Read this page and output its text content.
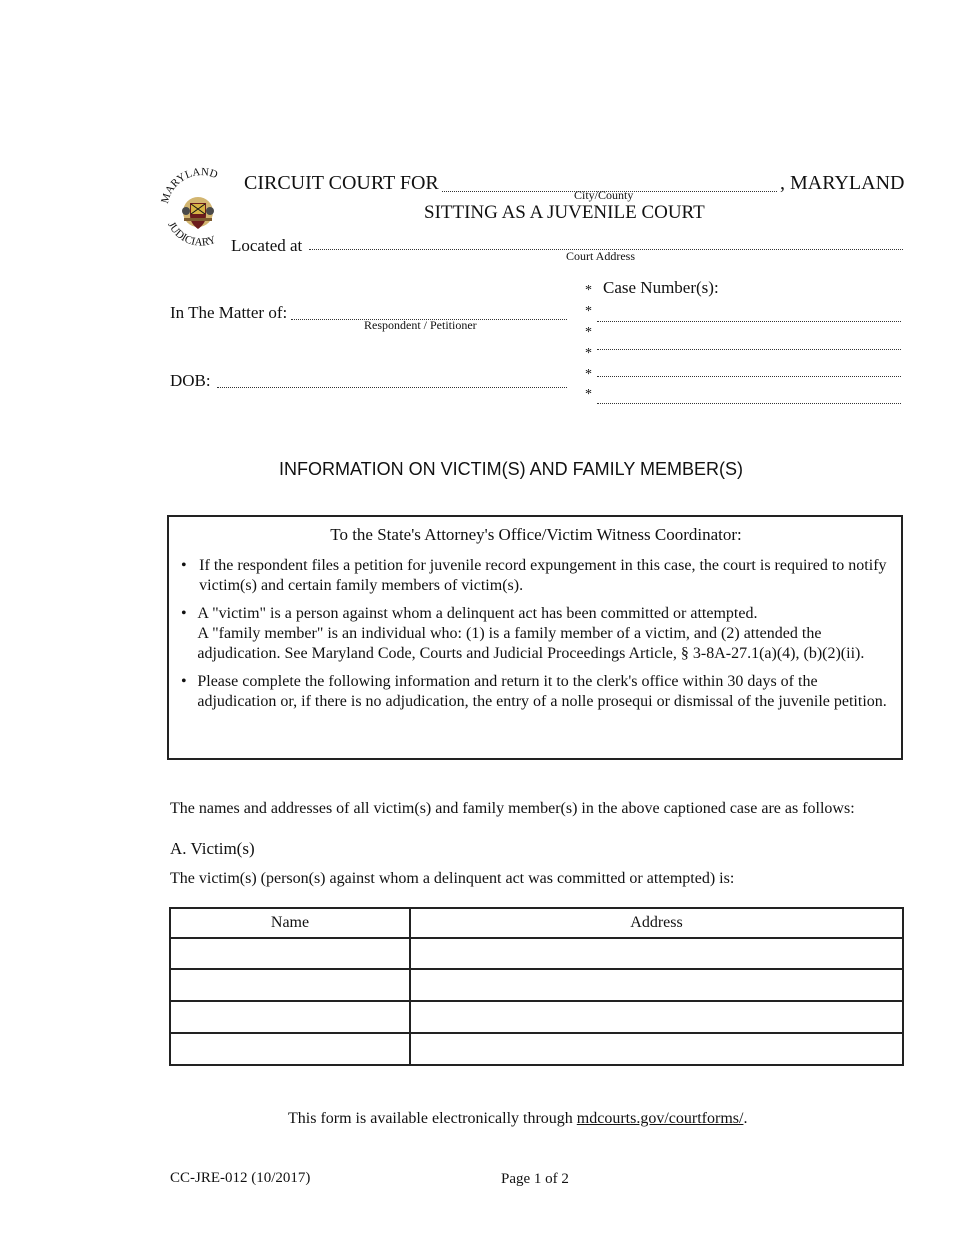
MARYLAND
JUDICIARY
CIRCUIT COURT FOR	, MARYLAND
City/County
SITTING AS A JUVENILE COURT
Located at
Court Address
In The Matter of:
Respondent / Petitioner
DOB:
*
*
*
*
*
*
Case Number(s):
INFORMATION ON VICTIM(S) AND FAMILY MEMBER(S)
To the State's Attorney's Office/Victim Witness Coordinator:
• If the respondent files a petition for juvenile record expungement in this case, the court is required to notify victim(s) and certain family members of victim(s).
• A "victim" is a person against whom a delinquent act has been committed or attempted.
A "family member" is an individual who: (1) is a family member of a victim, and (2) attended the adjudication. See Maryland Code, Courts and Judicial Proceedings Article, § 3-8A-27.1(a)(4), (b)(2)(ii).
• Please complete the following information and return it to the clerk's office within 30 days of the adjudication or, if there is no adjudication, the entry of a nolle prosequi or dismissal of the juvenile petition.
The names and addresses of all victim(s) and family member(s) in the above captioned case are as follows:
A. Victim(s)
The victim(s) (person(s) against whom a delinquent act was committed or attempted) is:
Name	Address

This form is available electronically through mdcourts.gov/courtforms/.
CC-JRE-012 (10/2017)	Page 1 of 2
